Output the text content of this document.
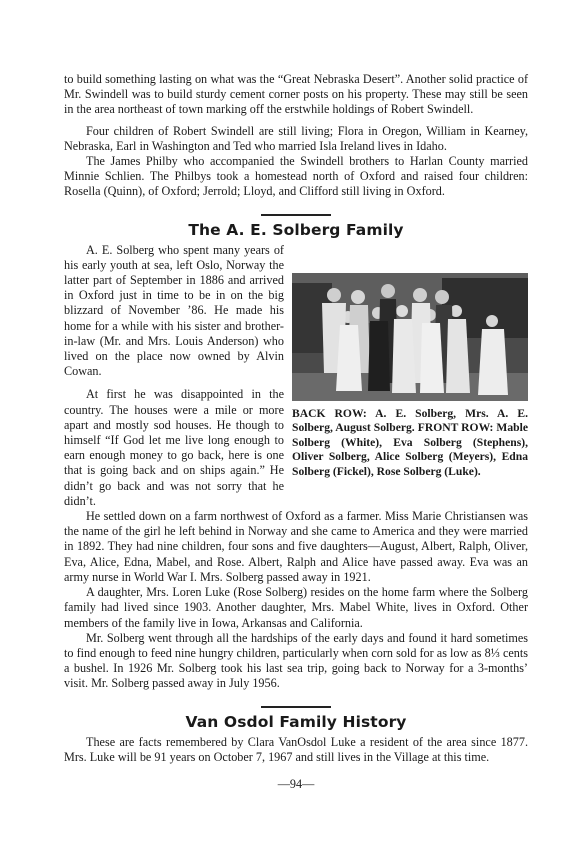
to build something lasting on what was the “Great Nebraska Desert”. Another solid practice of Mr. Swindell was to build sturdy cement corner posts on his property. These may still be seen in the area northeast of town marking off the erstwhile holdings of Robert Swindell.

Four children of Robert Swindell are still living; Flora in Oregon, William in Kearney, Nebraska, Earl in Washington and Ted who married Isla Ireland lives in Idaho.

The James Philby who accompanied the Swindell brothers to Harlan County married Minnie Schlien. The Philbys took a homestead north of Oxford and raised four children: Rosella (Quinn), of Oxford; Jerrold; Lloyd, and Clifford still living in Oxford.

The A. E. Solberg Family

BACK ROW: A. E. Solberg, Mrs. A. E. Solberg, August Solberg. FRONT ROW: Mable Solberg (White), Eva Solberg (Stephens), Oliver Solberg, Alice Solberg (Meyers), Edna Solberg (Fickel), Rose Solberg (Luke).

A. E. Solberg who spent many years of his early youth at sea, left Oslo, Norway the latter part of September in 1886 and arrived in Oxford just in time to be in on the big blizzard of November ’86. He made his home for a while with his sister and brother-in-law (Mr. and Mrs. Louis Anderson) who lived on the place now owned by Alvin Cowan.

At first he was disappointed in the country. The houses were a mile or more apart and mostly sod houses. He though to himself “If God let me live long enough to earn enough money to go back, here is one that is going back and on ships again.” He didn’t go back and was not sorry that he didn’t.

He settled down on a farm northwest of Oxford as a farmer. Miss Marie Christiansen was the name of the girl he left behind in Norway and she came to America and they were married in 1892. They had nine children, four sons and five daughters—August, Albert, Ralph, Oliver, Eva, Alice, Edna, Mabel, and Rose. Albert, Ralph and Alice have passed away. Eva was an army nurse in World War I. Mrs. Solberg passed away in 1921.

A daughter, Mrs. Loren Luke (Rose Solberg) resides on the home farm where the Solberg family had lived since 1903. Another daughter, Mrs. Mabel White, lives in Oxford. Other members of the family live in Iowa, Arkansas and California.

Mr. Solberg went through all the hardships of the early days and found it hard sometimes to find enough to feed nine hungry children, particularly when corn sold for as low as 8⅓ cents a bushel. In 1926 Mr. Solberg took his last sea trip, going back to Norway for a 3-months’ visit. Mr. Solberg passed away in July 1956.

Van Osdol Family History

These are facts remembered by Clara VanOsdol Luke a resident of the area since 1877. Mrs. Luke will be 91 years on October 7, 1967 and still lives in the Village at this time.

—94—
